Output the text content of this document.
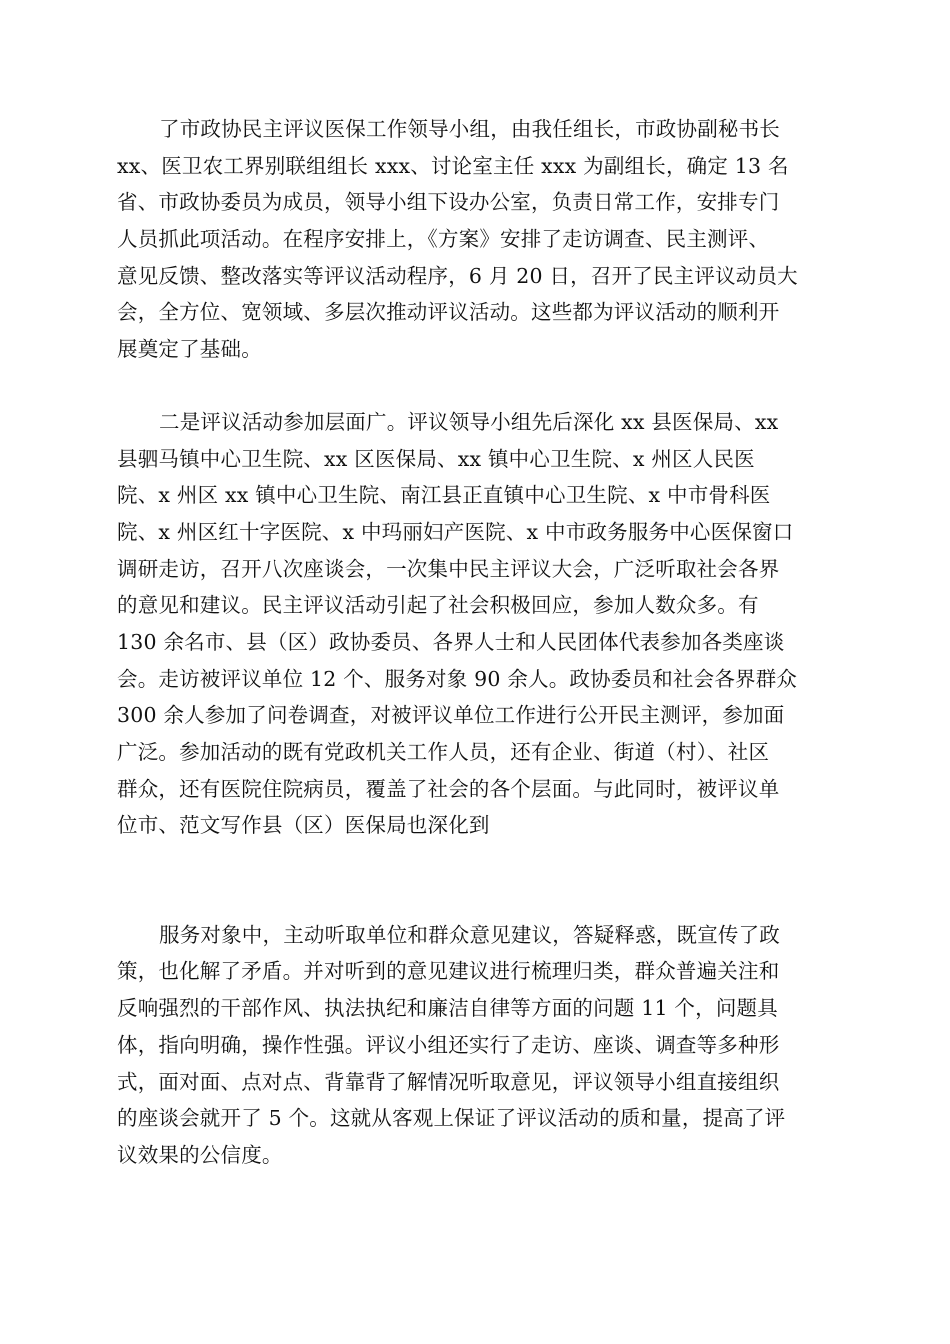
了市政协民主评议医保工作领导小组，由我任组长，市政协副秘书长
xx、医卫农工界别联组组长 xxx、讨论室主任 xxx 为副组长，确定 13 名
省、市政协委员为成员，领导小组下设办公室，负责日常工作，安排专门
人员抓此项活动。在程序安排上，《方案》安排了走访调查、民主测评、
意见反馈、整改落实等评议活动程序，6 月 20 日，召开了民主评议动员大
会，全方位、宽领域、多层次推动评议活动。这些都为评议活动的顺利开
展奠定了基础。
二是评议活动参加层面广。评议领导小组先后深化 xx 县医保局、xx
县驷马镇中心卫生院、xx 区医保局、xx 镇中心卫生院、x 州区人民医
院、x 州区 xx 镇中心卫生院、南江县正直镇中心卫生院、x 中市骨科医
院、x 州区红十字医院、x 中玛丽妇产医院、x 中市政务服务中心医保窗口
调研走访，召开八次座谈会，一次集中民主评议大会，广泛听取社会各界
的意见和建议。民主评议活动引起了社会积极回应，参加人数众多。有
130 余名市、县（区）政协委员、各界人士和人民团体代表参加各类座谈
会。走访被评议单位 12 个、服务对象 90 余人。政协委员和社会各界群众
300 余人参加了问卷调查，对被评议单位工作进行公开民主测评，参加面
广泛。参加活动的既有党政机关工作人员，还有企业、街道（村）、社区
群众，还有医院住院病员，覆盖了社会的各个层面。与此同时，被评议单
位市、范文写作县（区）医保局也深化到
服务对象中，主动听取单位和群众意见建议，答疑释惑，既宣传了政
策，也化解了矛盾。并对听到的意见建议进行梳理归类，群众普遍关注和
反响强烈的干部作风、执法执纪和廉洁自律等方面的问题 11 个，问题具
体，指向明确，操作性强。评议小组还实行了走访、座谈、调查等多种形
式，面对面、点对点、背靠背了解情况听取意见，评议领导小组直接组织
的座谈会就开了 5 个。这就从客观上保证了评议活动的质和量，提高了评
议效果的公信度。
